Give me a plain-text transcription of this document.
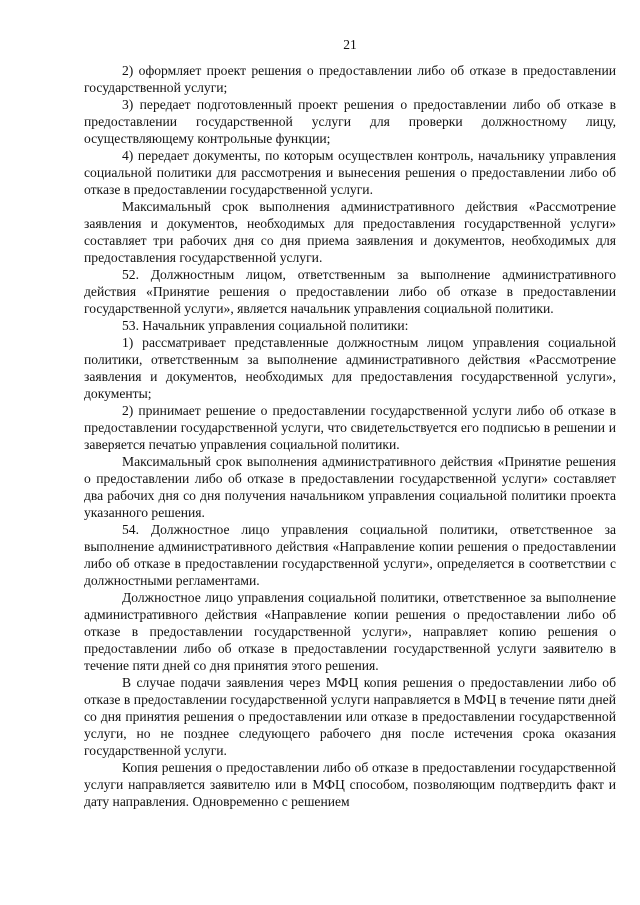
21

2) оформляет проект решения о предоставлении либо об отказе в предоставлении государственной услуги;

3) передает подготовленный проект решения о предоставлении либо об отказе в предоставлении государственной услуги для проверки должностному лицу, осуществляющему контрольные функции;

4) передает документы, по которым осуществлен контроль, начальнику управления социальной политики для рассмотрения и вынесения решения о предоставлении либо об отказе в предоставлении государственной услуги.

Максимальный срок выполнения административного действия «Рассмотрение заявления и документов, необходимых для предоставления государственной услуги» составляет три рабочих дня со дня приема заявления и документов, необходимых для предоставления государственной услуги.

52. Должностным лицом, ответственным за выполнение административного действия «Принятие решения о предоставлении либо об отказе в предоставлении государственной услуги», является начальник управления социальной политики.

53. Начальник управления социальной политики:

1) рассматривает представленные должностным лицом управления социальной политики, ответственным за выполнение административного действия «Рассмотрение заявления и документов, необходимых для предоставления государственной услуги», документы;

2) принимает решение о предоставлении государственной услуги либо об отказе в предоставлении государственной услуги, что свидетельствуется его подписью в решении и заверяется печатью управления социальной политики.

Максимальный срок выполнения административного действия «Принятие решения о предоставлении либо об отказе в предоставлении государственной услуги» составляет два рабочих дня со дня получения начальником управления социальной политики проекта указанного решения.

54. Должностное лицо управления социальной политики, ответственное за выполнение административного действия «Направление копии решения о предоставлении либо об отказе в предоставлении государственной услуги», определяется в соответствии с должностными регламентами.

Должностное лицо управления социальной политики, ответственное за выполнение административного действия «Направление копии решения о предоставлении либо об отказе в предоставлении государственной услуги», направляет копию решения о предоставлении либо об отказе в предоставлении государственной услуги заявителю в течение пяти дней со дня принятия этого решения.

В случае подачи заявления через МФЦ копия решения о предоставлении либо об отказе в предоставлении государственной услуги направляется в МФЦ в течение пяти дней со дня принятия решения о предоставлении или отказе в предоставлении государственной услуги, но не позднее следующего рабочего дня после истечения срока оказания государственной услуги.

Копия решения о предоставлении либо об отказе в предоставлении государственной услуги направляется заявителю или в МФЦ способом, позволяющим подтвердить факт и дату направления. Одновременно с решением
